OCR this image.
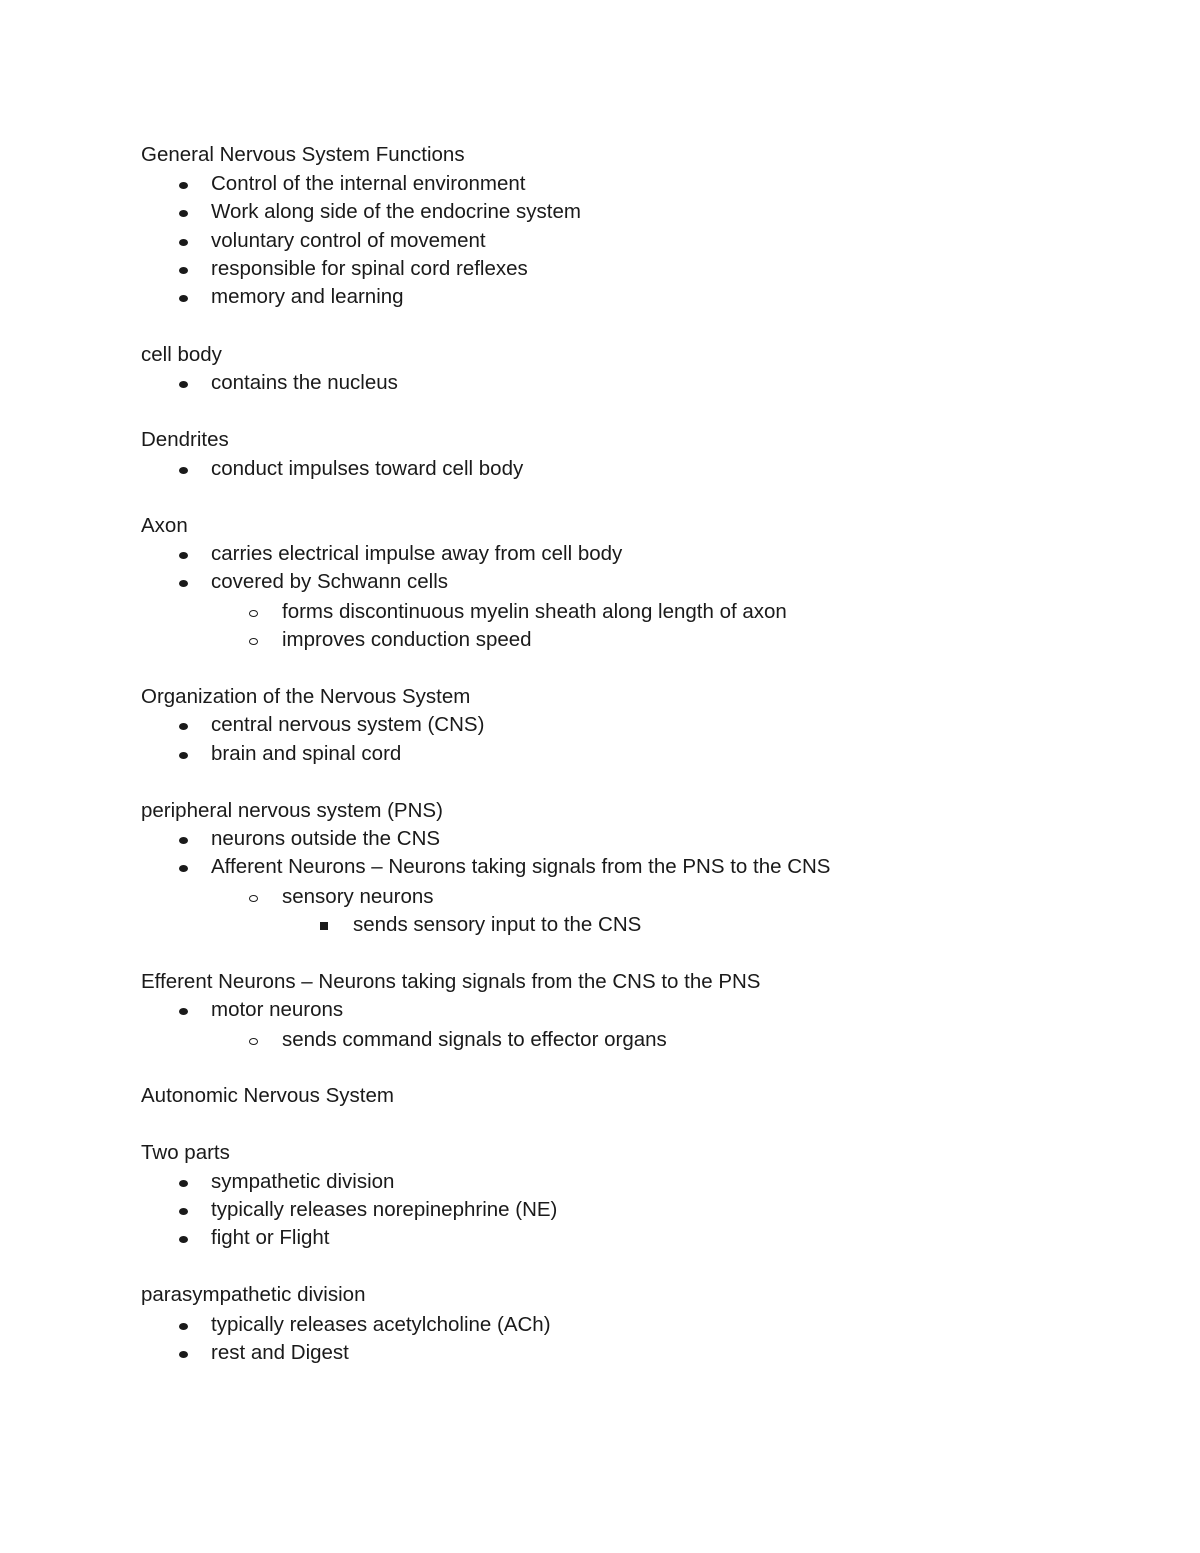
General Nervous System Functions
Control of the internal environment
Work along side of the endocrine system
voluntary control of movement
responsible for spinal cord reflexes
memory and learning
cell body
contains the nucleus
Dendrites
conduct impulses toward cell body
Axon
carries electrical impulse away from cell body
covered by Schwann cells
forms discontinuous myelin sheath along length of axon
improves conduction speed
Organization of the Nervous System
central nervous system (CNS)
brain and spinal cord
peripheral nervous system (PNS)
neurons outside the CNS
Afferent Neurons – Neurons taking signals from the PNS to the CNS
sensory neurons
sends sensory input to the CNS
Efferent Neurons – Neurons taking signals from the CNS to the PNS
motor neurons
sends command signals to effector organs
Autonomic Nervous System
Two parts
sympathetic division
typically releases norepinephrine (NE)
fight or Flight
parasympathetic division
typically releases acetylcholine (ACh)
rest and Digest
